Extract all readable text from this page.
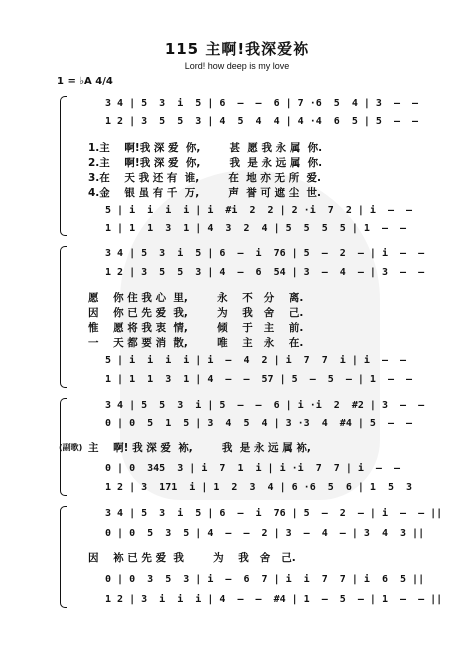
115 主啊!我深爱袮
Lord! how deep is my love
1 = ♭A 4/4
3 4 | 5  3  i  5 | 6  —  —  6 | 7 ·6  5  4 | 3  —  —
1 2 | 3  5  5  3 | 4  5  4  4 | 4 ·4  6  5 | 5  —  —
1.主    啊!我 深 爱  你,        甚  愿 我 永 属  你.
2.主    啊!我 深 爱  你,        我  是 永 远 属  你.
3.在    天 我 还 有  谁,        在  地 亦 无 所  爱.
4.金    银 虽 有 千  万,        声  誉 可 遮 尘  世.
5 | i  i  i  i | i  #i  2  2 | 2 ·i  7  2 | i  —  —
1 | 1  1  3  1 | 4  3  2  4 | 5  5  5  5 | 1  —  —
3 4 | 5  3  i  5 | 6  —  i  76 | 5  —  2  — | i  —  —
1 2 | 3  5  5  3 | 4  —  6  54 | 3  —  4  — | 3  —  —
愿    你 住 我 心  里,        永    不   分    离.
因    你 已 先 爱  我,        为    我   舍    己.
惟    愿 将 我 衷  情,        倾    于   主    前.
一    天 都 要 消  散,        唯    主   永    在.
5 | i  i  i  i | i  —  4  2 | i  7  7  i | i  —  —
1 | 1  1  3  1 | 4  —  —  57 | 5  —  5  — | 1  —  —
(副歌)
3 4 | 5  5  3  i | 5  —  —  6 | i ·i  2  #2 | 3  —  —
0 | 0  5  1  5 | 3  4  5  4 | 3 ·3  4  #4 | 5  —  —
主    啊! 我 深 爱  袮,        我  是 永 远 属 袮,
0 | 0  345  3 | i  7  1  i | i ·i  7  7 | i  —  —
1 2 | 3  171  i | 1  2  3  4 | 6 ·6  5  6 | 1  5  3
3 4 | 5  3  i  5 | 6  —  i  76 | 5  —  2  — | i  —  — ||
0 | 0  5  3  5 | 4  —  —  2 | 3  —  4  — | 3  4  3 ||
因    袮 已 先 爱  我        为    我   舍   己.
0 | 0  3  5  3 | i  —  6  7 | i  i  7  7 | i  6  5 ||
1 2 | 3  i  i  i | 4  —  —  #4 | 1  —  5  — | 1  —  — ||
